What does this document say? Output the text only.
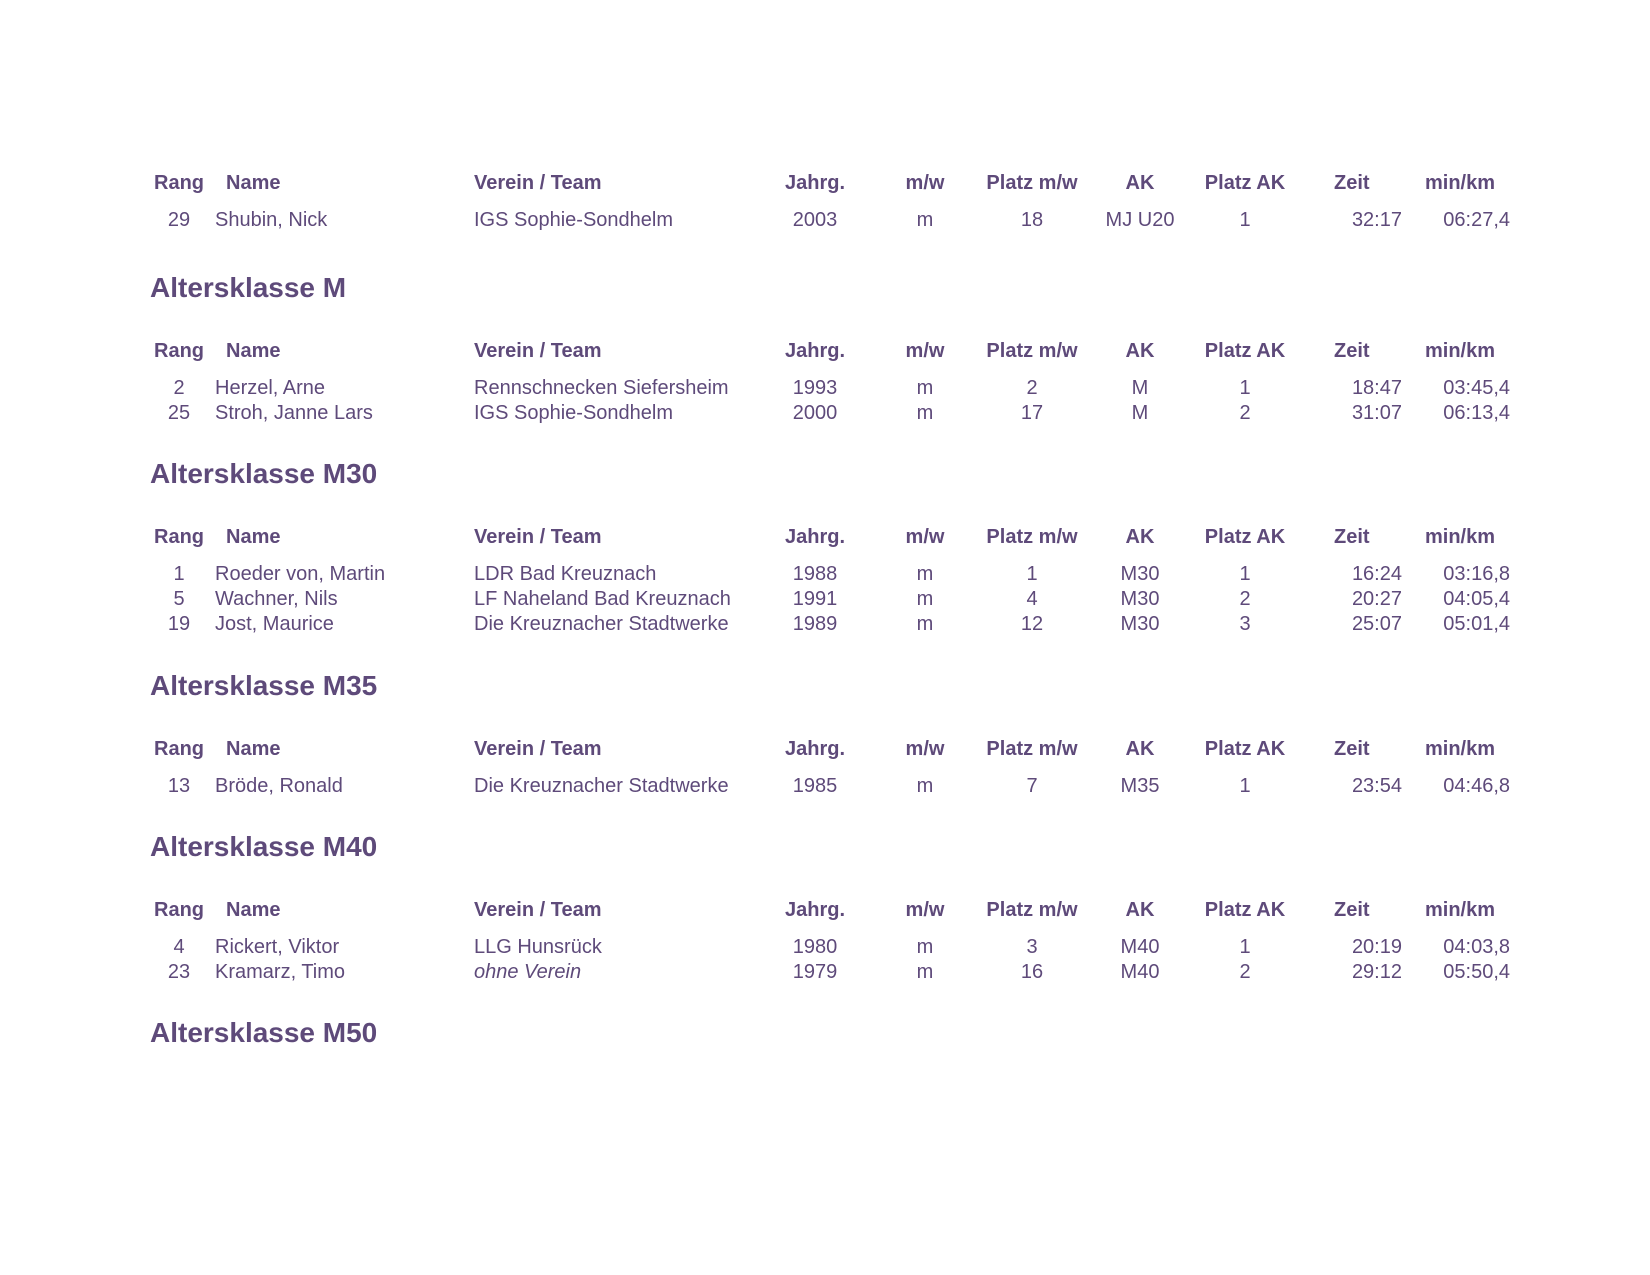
Rang	Name	Verein / Team	Jahrg.	m/w	Platz m/w	AK	Platz AK	Zeit	min/km
29	Shubin, Nick	IGS Sophie-Sondhelm	2003	m	18	MJ U20	1	32:17	06:27,4
Altersklasse M
Rang	Name	Verein / Team	Jahrg.	m/w	Platz m/w	AK	Platz AK	Zeit	min/km
2	Herzel, Arne	Rennschnecken Siefersheim	1993	m	2	M	1	18:47	03:45,4
25	Stroh, Janne Lars	IGS Sophie-Sondhelm	2000	m	17	M	2	31:07	06:13,4
Altersklasse M30
Rang	Name	Verein / Team	Jahrg.	m/w	Platz m/w	AK	Platz AK	Zeit	min/km
1	Roeder von, Martin	LDR Bad Kreuznach	1988	m	1	M30	1	16:24	03:16,8
5	Wachner, Nils	LF Naheland Bad Kreuznach	1991	m	4	M30	2	20:27	04:05,4
19	Jost, Maurice	Die Kreuznacher Stadtwerke	1989	m	12	M30	3	25:07	05:01,4
Altersklasse M35
Rang	Name	Verein / Team	Jahrg.	m/w	Platz m/w	AK	Platz AK	Zeit	min/km
13	Bröde, Ronald	Die Kreuznacher Stadtwerke	1985	m	7	M35	1	23:54	04:46,8
Altersklasse M40
Rang	Name	Verein / Team	Jahrg.	m/w	Platz m/w	AK	Platz AK	Zeit	min/km
4	Rickert, Viktor	LLG Hunsrück	1980	m	3	M40	1	20:19	04:03,8
23	Kramarz, Timo	ohne Verein	1979	m	16	M40	2	29:12	05:50,4
Altersklasse M50
